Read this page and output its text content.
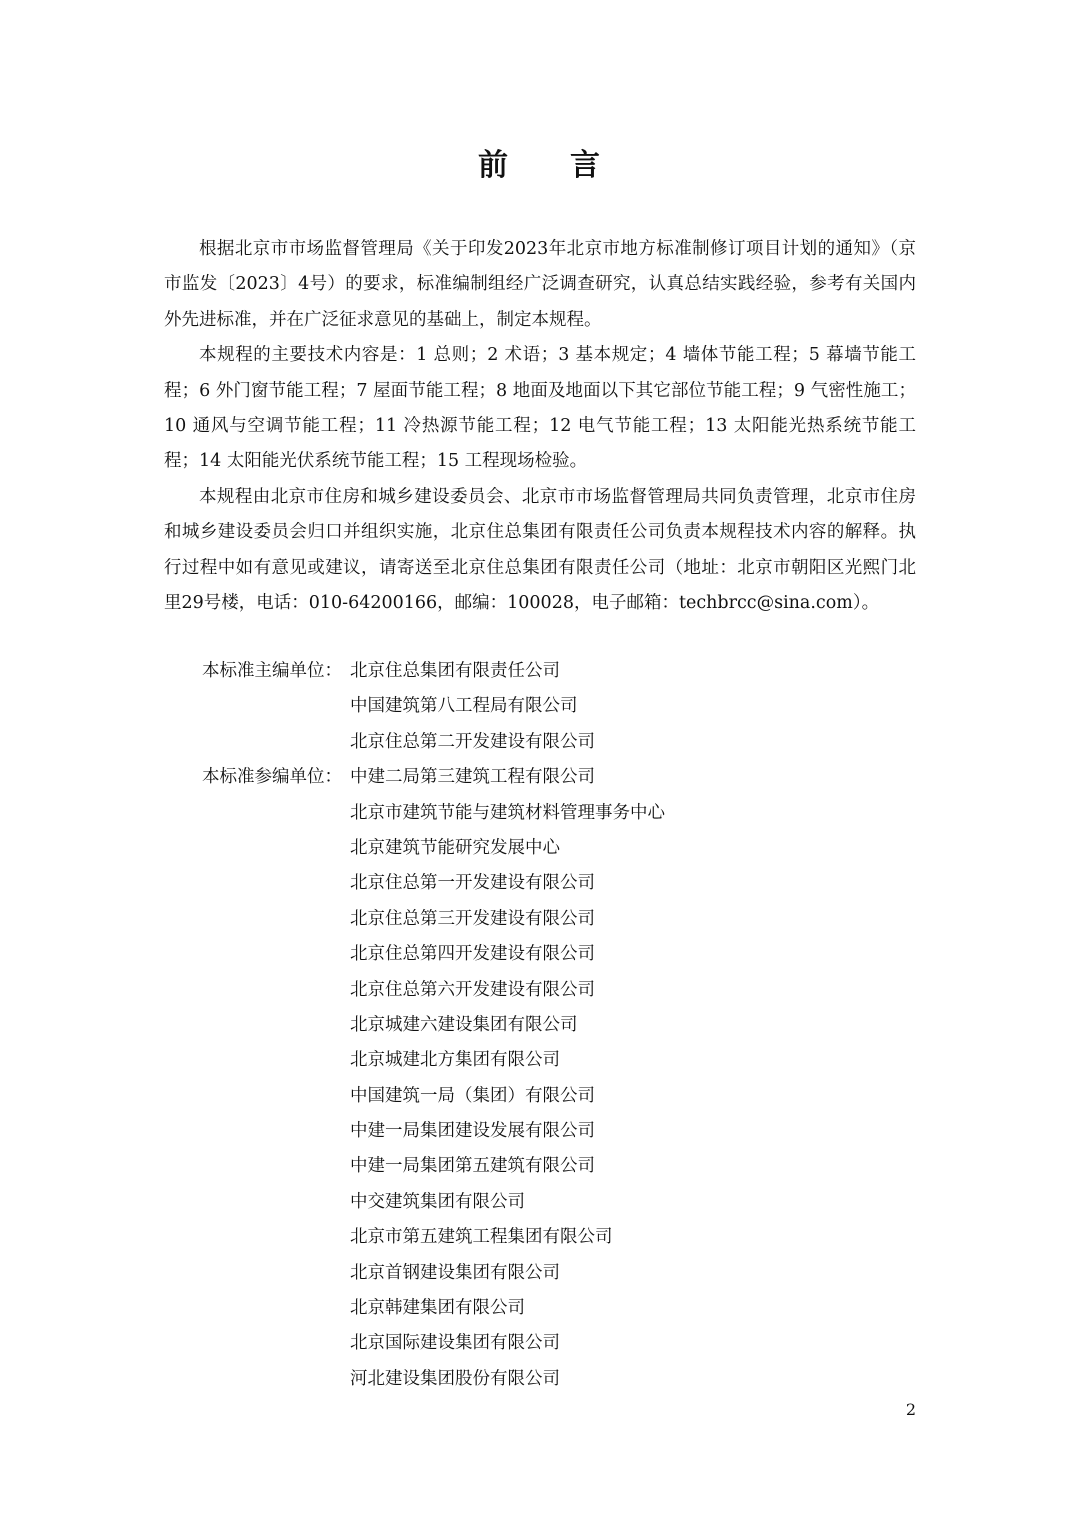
前 言

根据北京市市场监督管理局《关于印发2023年北京市地方标准制修订项目计划的通知》（京市监发〔2023〕4号）的要求，标准编制组经广泛调查研究，认真总结实践经验，参考有关国内外先进标准，并在广泛征求意见的基础上，制定本规程。

本规程的主要技术内容是：1 总则；2 术语；3 基本规定；4 墙体节能工程；5 幕墙节能工程；6 外门窗节能工程；7 屋面节能工程；8 地面及地面以下其它部位节能工程；9 气密性施工；10 通风与空调节能工程；11 冷热源节能工程；12 电气节能工程；13 太阳能光热系统节能工程；14 太阳能光伏系统节能工程；15 工程现场检验。

本规程由北京市住房和城乡建设委员会、北京市市场监督管理局共同负责管理，北京市住房和城乡建设委员会归口并组织实施，北京住总集团有限责任公司负责本规程技术内容的解释。执行过程中如有意见或建议，请寄送至北京住总集团有限责任公司（地址：北京市朝阳区光熙门北里29号楼，电话：010-64200166，邮编：100028，电子邮箱：techbrcc@sina.com）。

本标准主编单位： 北京住总集团有限责任公司
中国建筑第八工程局有限公司
北京住总第二开发建设有限公司
本标准参编单位： 中建二局第三建筑工程有限公司
北京市建筑节能与建筑材料管理事务中心
北京建筑节能研究发展中心
北京住总第一开发建设有限公司
北京住总第三开发建设有限公司
北京住总第四开发建设有限公司
北京住总第六开发建设有限公司
北京城建六建设集团有限公司
北京城建北方集团有限公司
中国建筑一局（集团）有限公司
中建一局集团建设发展有限公司
中建一局集团第五建筑有限公司
中交建筑集团有限公司
北京市第五建筑工程集团有限公司
北京首钢建设集团有限公司
北京韩建集团有限公司
北京国际建设集团有限公司
河北建设集团股份有限公司
2
